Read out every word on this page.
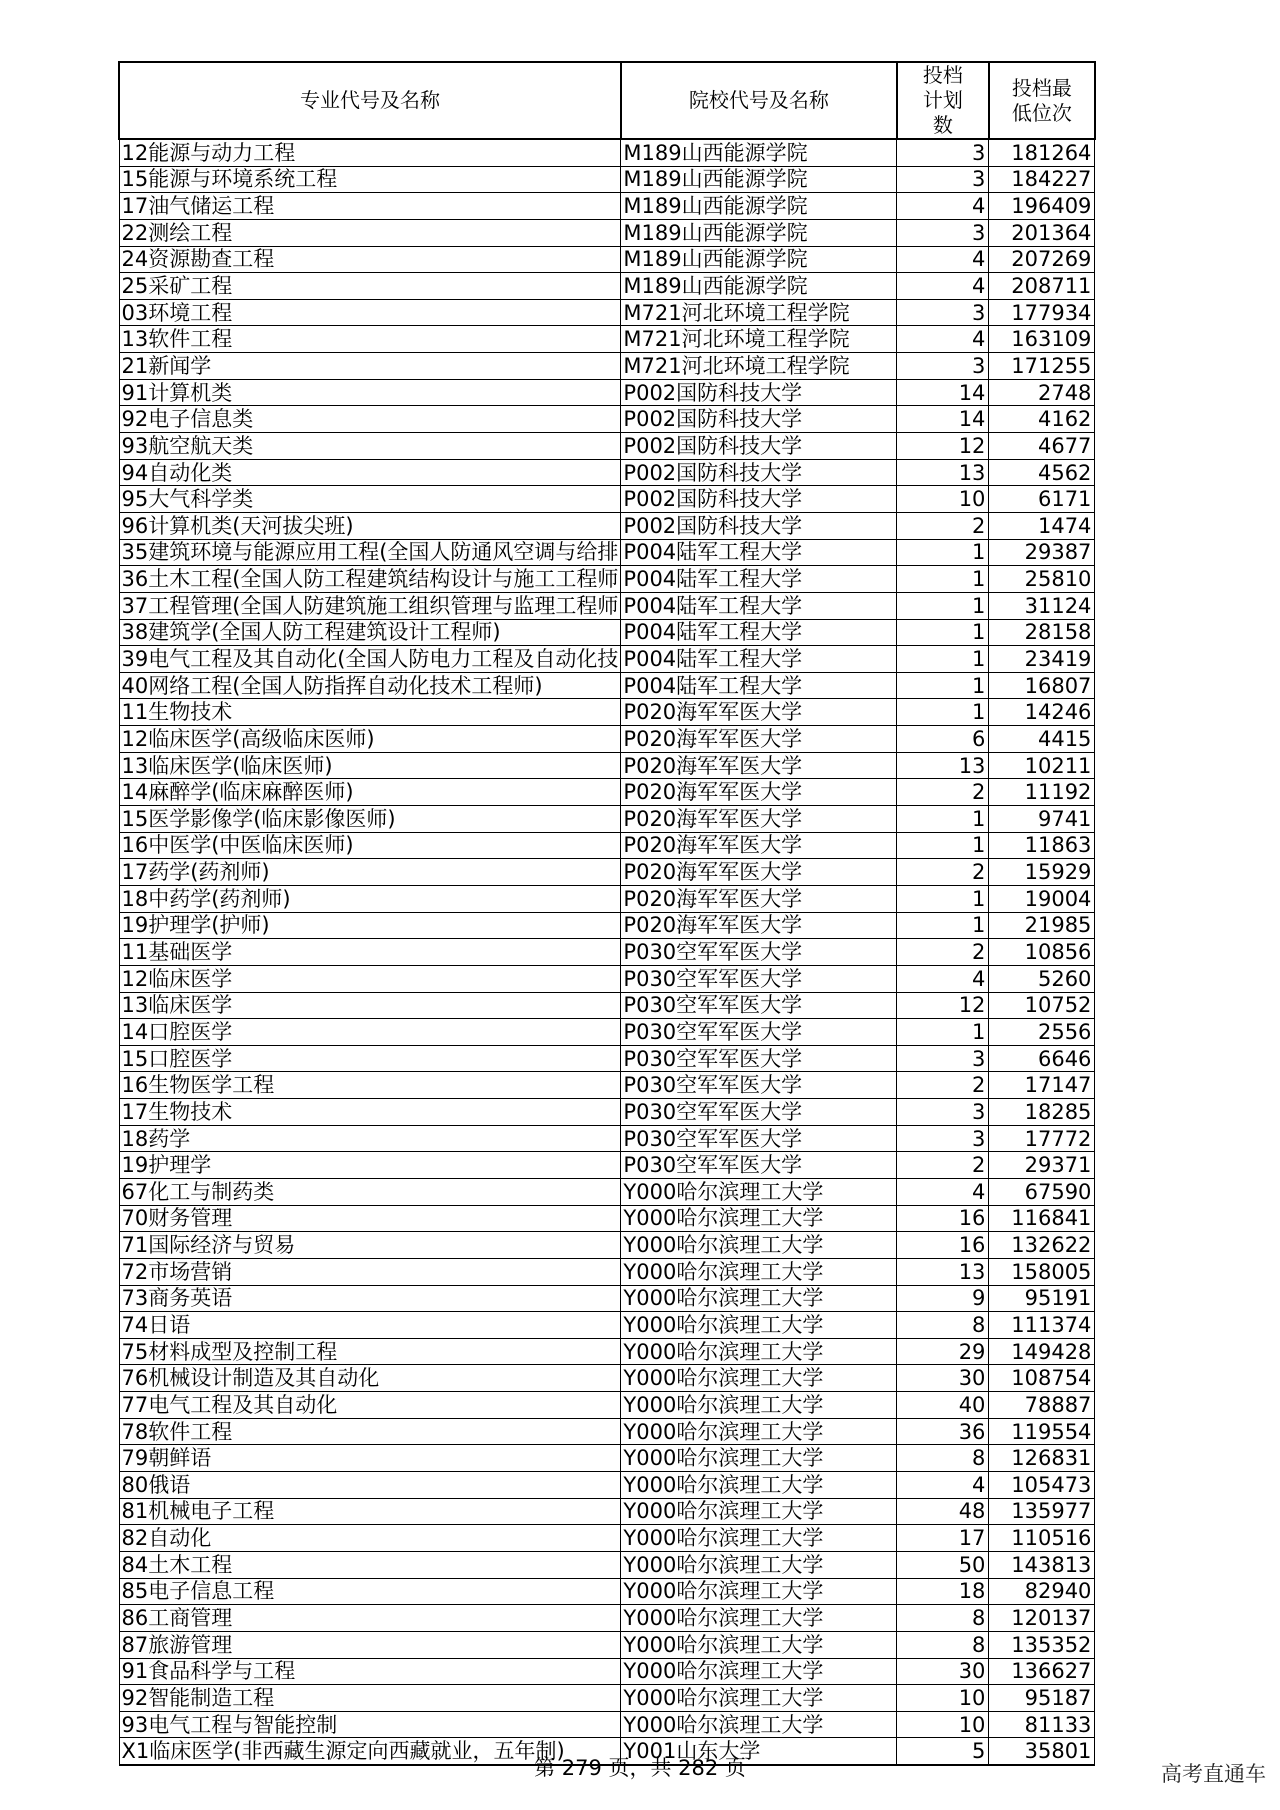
专业代号及名称	院校代号及名称	投档计划数	投档最低位次
12能源与动力工程	M189山西能源学院	3	181264
15能源与环境系统工程	M189山西能源学院	3	184227
17油气储运工程	M189山西能源学院	4	196409
22测绘工程	M189山西能源学院	3	201364
24资源勘查工程	M189山西能源学院	4	207269
25采矿工程	M189山西能源学院	4	208711
03环境工程	M721河北环境工程学院	3	177934
13软件工程	M721河北环境工程学院	4	163109
21新闻学	M721河北环境工程学院	3	171255
91计算机类	P002国防科技大学	14	2748
92电子信息类	P002国防科技大学	14	4162
93航空航天类	P002国防科技大学	12	4677
94自动化类	P002国防科技大学	13	4562
95大气科学类	P002国防科技大学	10	6171
96计算机类(天河拔尖班)	P002国防科技大学	2	1474
35建筑环境与能源应用工程(全国人防通风空调与给排	P004陆军工程大学	1	29387
36土木工程(全国人防工程建筑结构设计与施工工程师	P004陆军工程大学	1	25810
37工程管理(全国人防建筑施工组织管理与监理工程师	P004陆军工程大学	1	31124
38建筑学(全国人防工程建筑设计工程师)	P004陆军工程大学	1	28158
39电气工程及其自动化(全国人防电力工程及自动化技	P004陆军工程大学	1	23419
40网络工程(全国人防指挥自动化技术工程师)	P004陆军工程大学	1	16807
11生物技术	P020海军军医大学	1	14246
12临床医学(高级临床医师)	P020海军军医大学	6	4415
13临床医学(临床医师)	P020海军军医大学	13	10211
14麻醉学(临床麻醉医师)	P020海军军医大学	2	11192
15医学影像学(临床影像医师)	P020海军军医大学	1	9741
16中医学(中医临床医师)	P020海军军医大学	1	11863
17药学(药剂师)	P020海军军医大学	2	15929
18中药学(药剂师)	P020海军军医大学	1	19004
19护理学(护师)	P020海军军医大学	1	21985
11基础医学	P030空军军医大学	2	10856
12临床医学	P030空军军医大学	4	5260
13临床医学	P030空军军医大学	12	10752
14口腔医学	P030空军军医大学	1	2556
15口腔医学	P030空军军医大学	3	6646
16生物医学工程	P030空军军医大学	2	17147
17生物技术	P030空军军医大学	3	18285
18药学	P030空军军医大学	3	17772
19护理学	P030空军军医大学	2	29371
67化工与制药类	Y000哈尔滨理工大学	4	67590
70财务管理	Y000哈尔滨理工大学	16	116841
71国际经济与贸易	Y000哈尔滨理工大学	16	132622
72市场营销	Y000哈尔滨理工大学	13	158005
73商务英语	Y000哈尔滨理工大学	9	95191
74日语	Y000哈尔滨理工大学	8	111374
75材料成型及控制工程	Y000哈尔滨理工大学	29	149428
76机械设计制造及其自动化	Y000哈尔滨理工大学	30	108754
77电气工程及其自动化	Y000哈尔滨理工大学	40	78887
78软件工程	Y000哈尔滨理工大学	36	119554
79朝鲜语	Y000哈尔滨理工大学	8	126831
80俄语	Y000哈尔滨理工大学	4	105473
81机械电子工程	Y000哈尔滨理工大学	48	135977
82自动化	Y000哈尔滨理工大学	17	110516
84土木工程	Y000哈尔滨理工大学	50	143813
85电子信息工程	Y000哈尔滨理工大学	18	82940
86工商管理	Y000哈尔滨理工大学	8	120137
87旅游管理	Y000哈尔滨理工大学	8	135352
91食品科学与工程	Y000哈尔滨理工大学	30	136627
92智能制造工程	Y000哈尔滨理工大学	10	95187
93电气工程与智能控制	Y000哈尔滨理工大学	10	81133
X1临床医学(非西藏生源定向西藏就业，五年制)	Y001山东大学	5	35801
第 279 页，共 282 页	高考直通车
